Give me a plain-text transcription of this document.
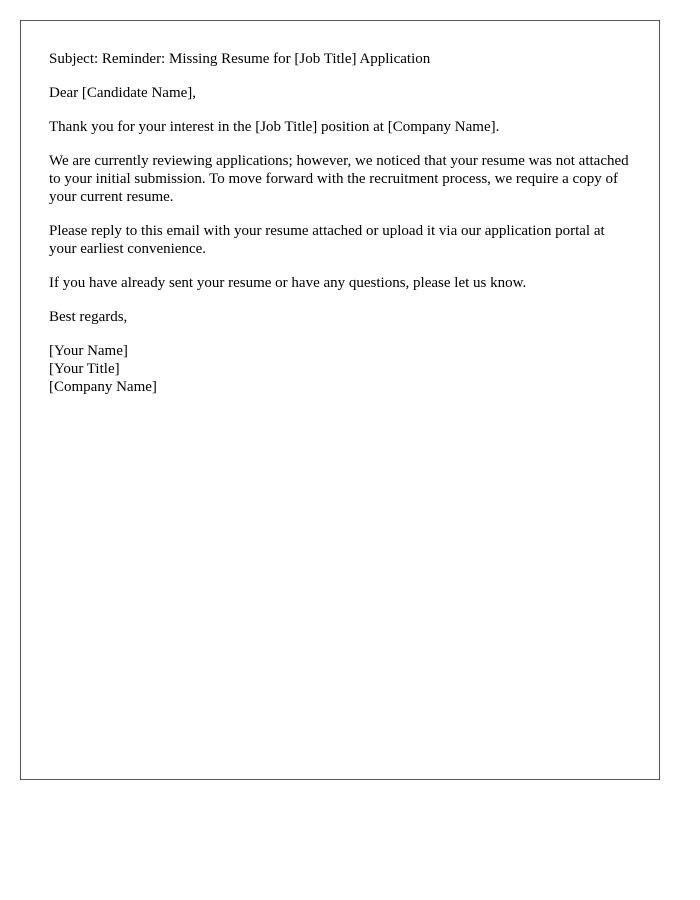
Subject: Reminder: Missing Resume for [Job Title] Application

Dear [Candidate Name],

Thank you for your interest in the [Job Title] position at [Company Name].

We are currently reviewing applications; however, we noticed that your resume was not attached to your initial submission. To move forward with the recruitment process, we require a copy of your current resume.

Please reply to this email with your resume attached or upload it via our application portal at your earliest convenience.

If you have already sent your resume or have any questions, please let us know.

Best regards,

[Your Name]
[Your Title]
[Company Name]
